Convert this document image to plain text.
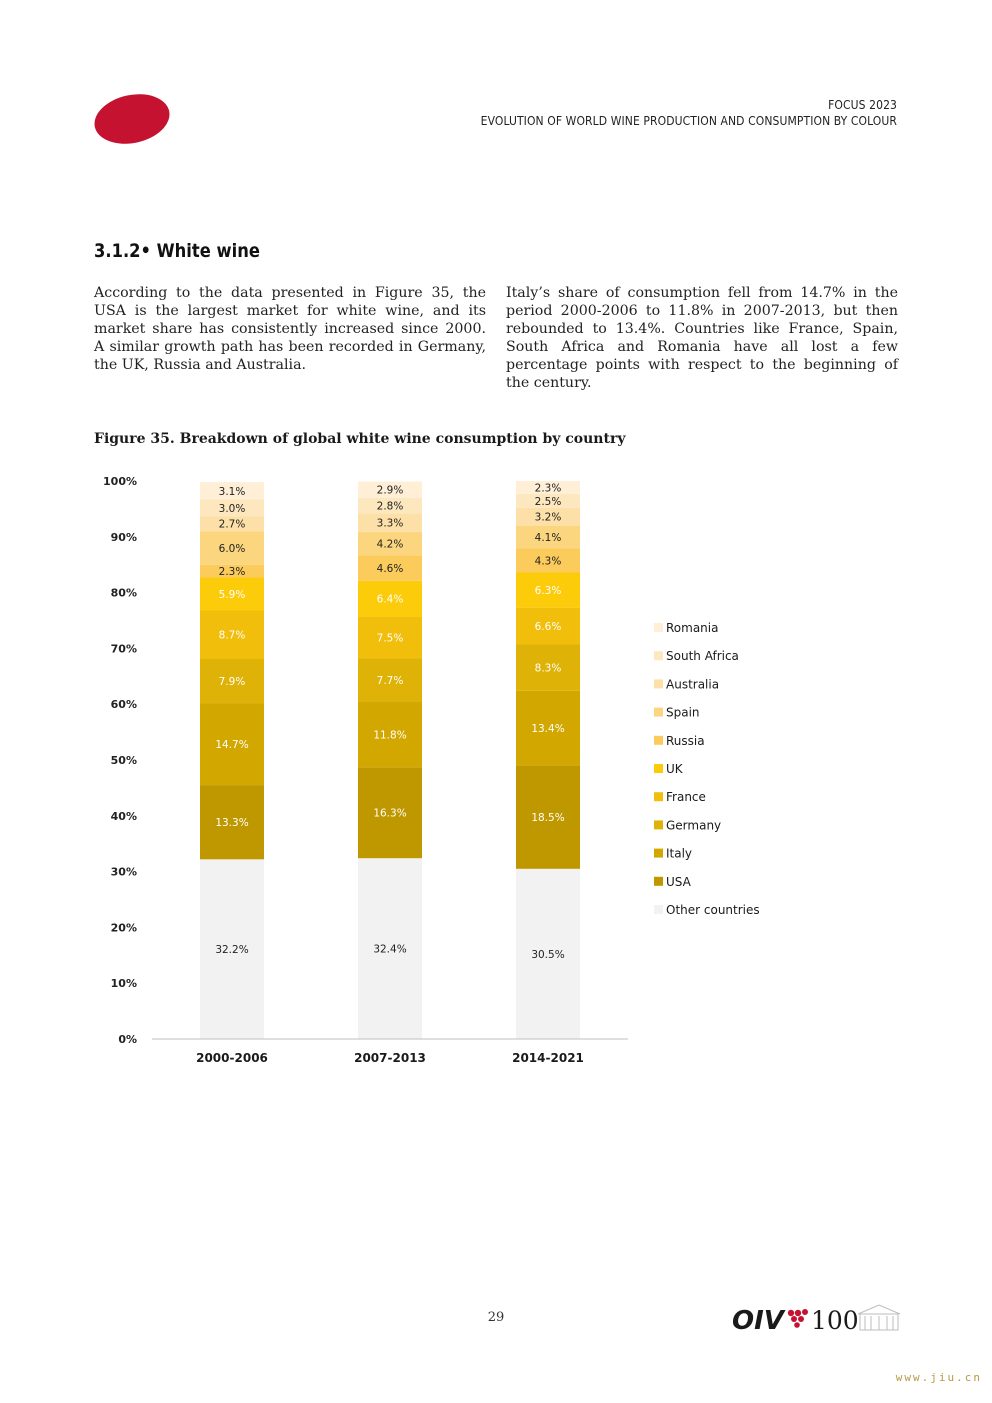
FOCUS 2023
EVOLUTION OF WORLD WINE PRODUCTION AND CONSUMPTION BY COLOUR
3.1.2• White wine
According to the data presented in Figure 35, the USA is the largest market for white wine, and its market share has consistently increased since 2000. A similar growth path has been recorded in Germany, the UK, Russia and Australia.
Italy’s share of consumption fell from 14.7% in the period 2000-2006 to 11.8% in 2007-2013, but then rebounded to 13.4%. Countries like France, Spain, South Africa and Romania have all lost a few percentage points with respect to the beginning of the century.
Figure 35. Breakdown of global white wine consumption by country
0%
10%
20%
30%
40%
50%
60%
70%
80%
90%
100%
32.2%
13.3%
14.7%
7.9%
8.7%
5.9%
2.3%
6.0%
2.7%
3.0%
3.1%
2000-2006
32.4%
16.3%
11.8%
7.7%
7.5%
6.4%
4.6%
4.2%
3.3%
2.8%
2.9%
2007-2013
30.5%
18.5%
13.4%
8.3%
6.6%
6.3%
4.3%
4.1%
3.2%
2.5%
2.3%
2014-2021
Romania
South Africa
Australia
Spain
Russia
UK
France
Germany
Italy
USA
Other countries
29	OIV 100
www.jiu.cn
